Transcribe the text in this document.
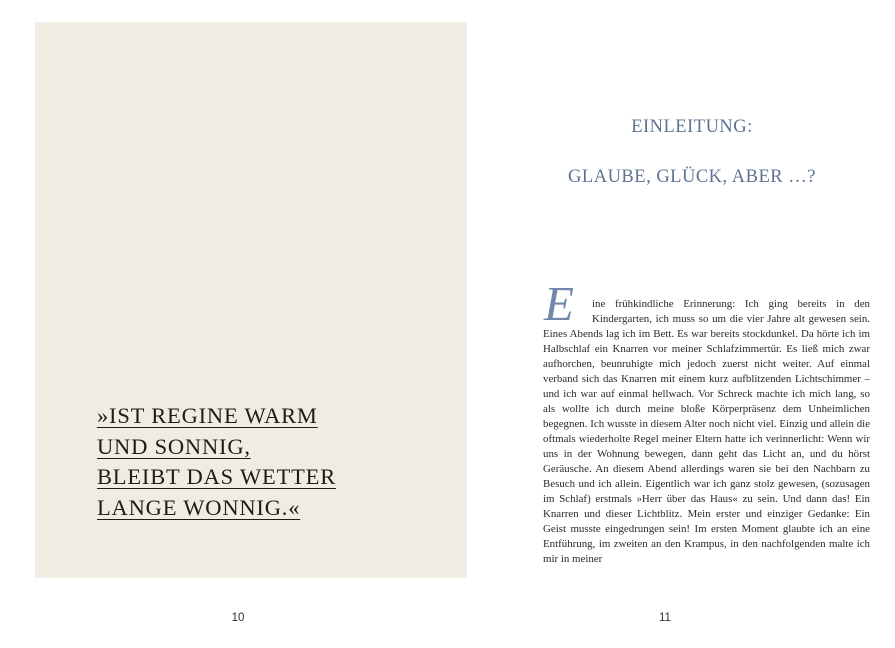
»IST REGINE WARM
UND SONNIG,
BLEIBT DAS WETTER
LANGE WONNIG.«
EINLEITUNG:
GLAUBE, GLÜCK, ABER …?

E	ine frühkindliche Erinnerung: Ich ging bereits in den Kindergarten, ich muss so um die vier Jahre alt gewesen sein. Eines Abends lag ich im Bett. Es war bereits stockdunkel. Da hörte ich im Halbschlaf ein Knarren vor meiner Schlafzimmertür. Es ließ mich zwar aufhorchen, beunruhigte mich jedoch zuerst nicht weiter. Auf einmal verband sich das Knarren mit einem kurz aufblitzenden Lichtschimmer – und ich war auf einmal hellwach. Vor Schreck machte ich mich lang, so als wollte ich durch meine bloße Körperpräsenz dem Unheimlichen begegnen. Ich wusste in diesem Alter noch nicht viel. Einzig und allein die oftmals wiederholte Regel meiner Eltern hatte ich verinnerlicht: Wenn wir uns in der Wohnung bewegen, dann geht das Licht an, und du hörst Geräusche. An diesem Abend allerdings waren sie bei den Nachbarn zu Besuch und ich allein. Eigentlich war ich ganz stolz gewesen, (sozusagen im Schlaf) erstmals »Herr über das Haus« zu sein. Und dann das! Ein Knarren und dieser Lichtblitz. Mein erster und einziger Gedanke: Ein Geist musste eingedrungen sein! Im ersten Moment glaubte ich an eine Entführung, im zweiten an den Krampus, in den nachfolgenden malte ich mir in meiner

10	11
